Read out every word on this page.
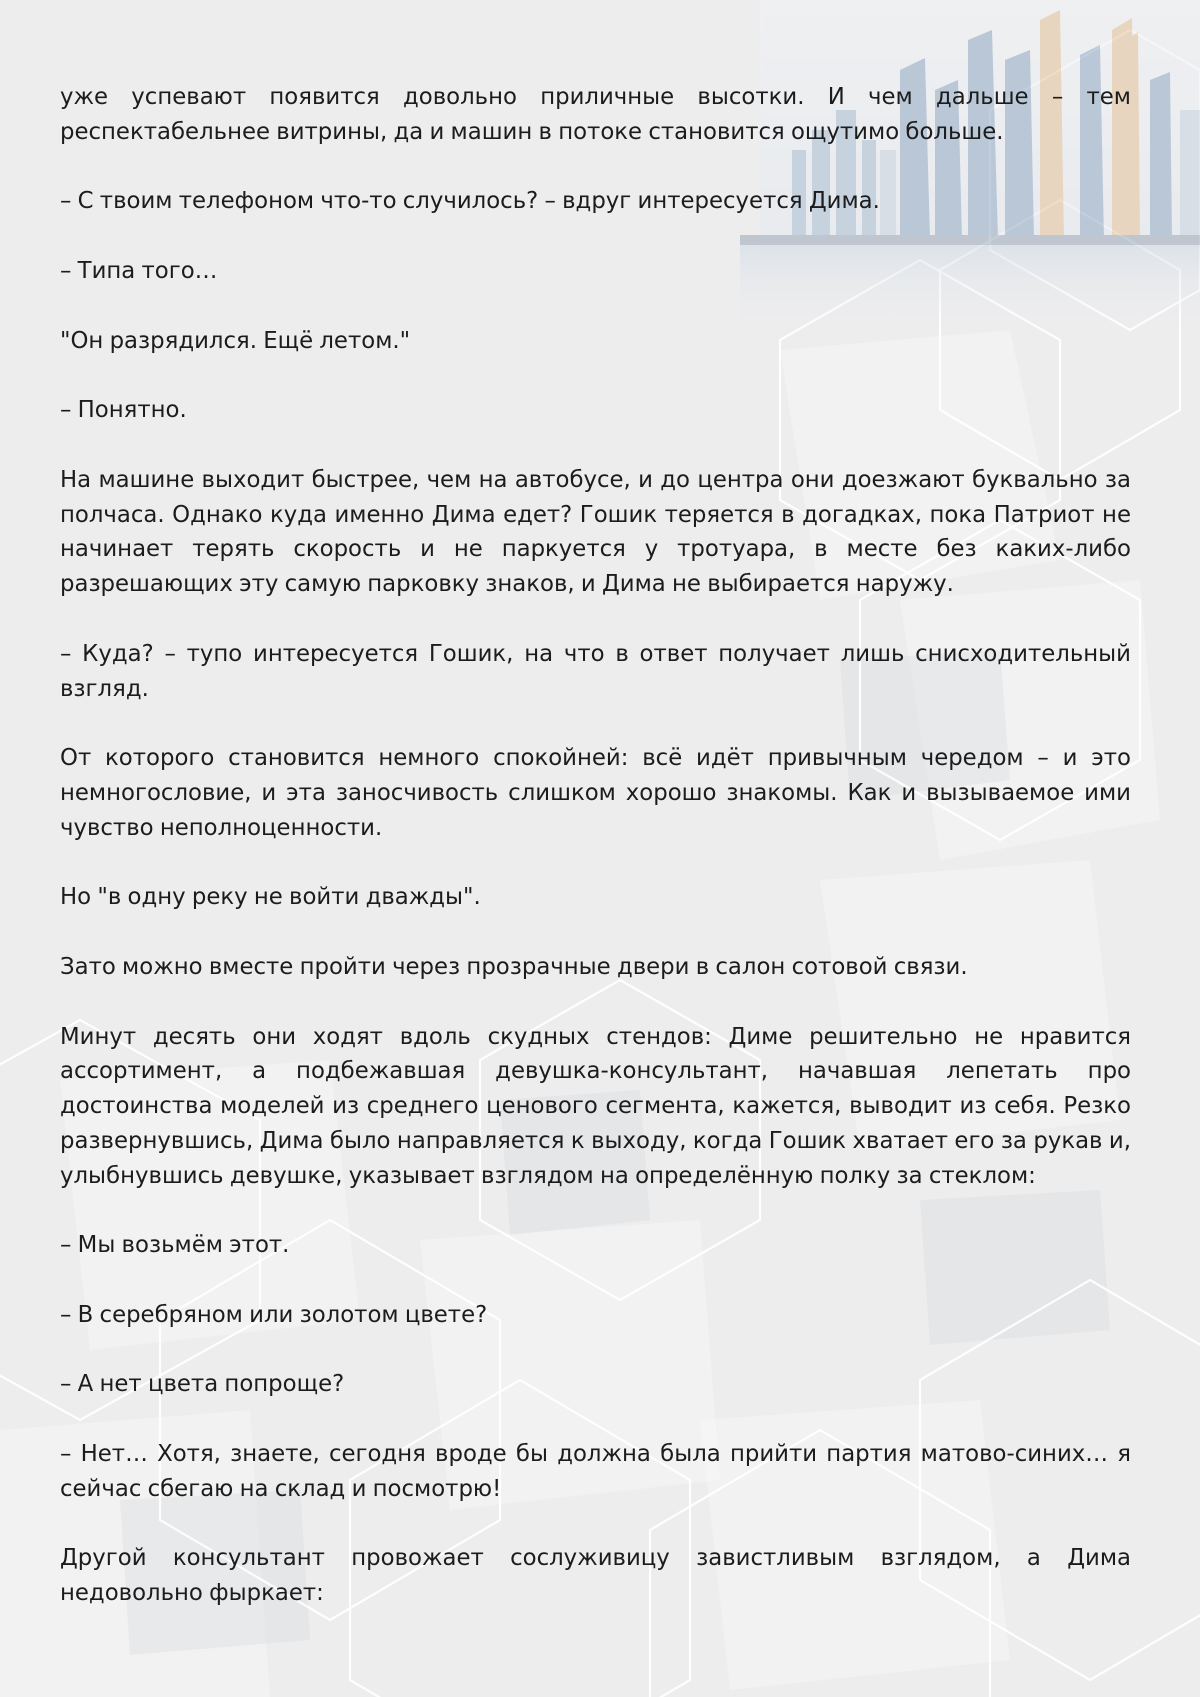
уже успевают появится довольно приличные высотки. И чем дальше – тем респектабельнее витрины, да и машин в потоке становится ощутимо больше.

– С твоим телефоном что-то случилось? – вдруг интересуется Дима.

– Типа того…

"Он разрядился. Ещё летом."

– Понятно.

На машине выходит быстрее, чем на автобусе, и до центра они доезжают буквально за полчаса. Однако куда именно Дима едет? Гошик теряется в догадках, пока Патриот не начинает терять скорость и не паркуется у тротуара, в месте без каких-либо разрешающих эту самую парковку знаков, и Дима не выбирается наружу.

– Куда? – тупо интересуется Гошик, на что в ответ получает лишь снисходительный взгляд.

От которого становится немного спокойней: всё идёт привычным чередом – и это немногословие, и эта заносчивость слишком хорошо знакомы. Как и вызываемое ими чувство неполноценности.

Но "в одну реку не войти дважды".

Зато можно вместе пройти через прозрачные двери в салон сотовой связи.

Минут десять они ходят вдоль скудных стендов: Диме решительно не нравится ассортимент, а подбежавшая девушка-консультант, начавшая лепетать про достоинства моделей из среднего ценового сегмента, кажется, выводит из себя. Резко развернувшись, Дима было направляется к выходу, когда Гошик хватает его за рукав и, улыбнувшись девушке, указывает взглядом на определённую полку за стеклом:

– Мы возьмём этот.

– В серебряном или золотом цвете?

– А нет цвета попроще?

– Нет… Хотя, знаете, сегодня вроде бы должна была прийти партия матово-синих… я сейчас сбегаю на склад и посмотрю!

Другой консультант провожает сослуживицу завистливым взглядом, а Дима недовольно фыркает:
